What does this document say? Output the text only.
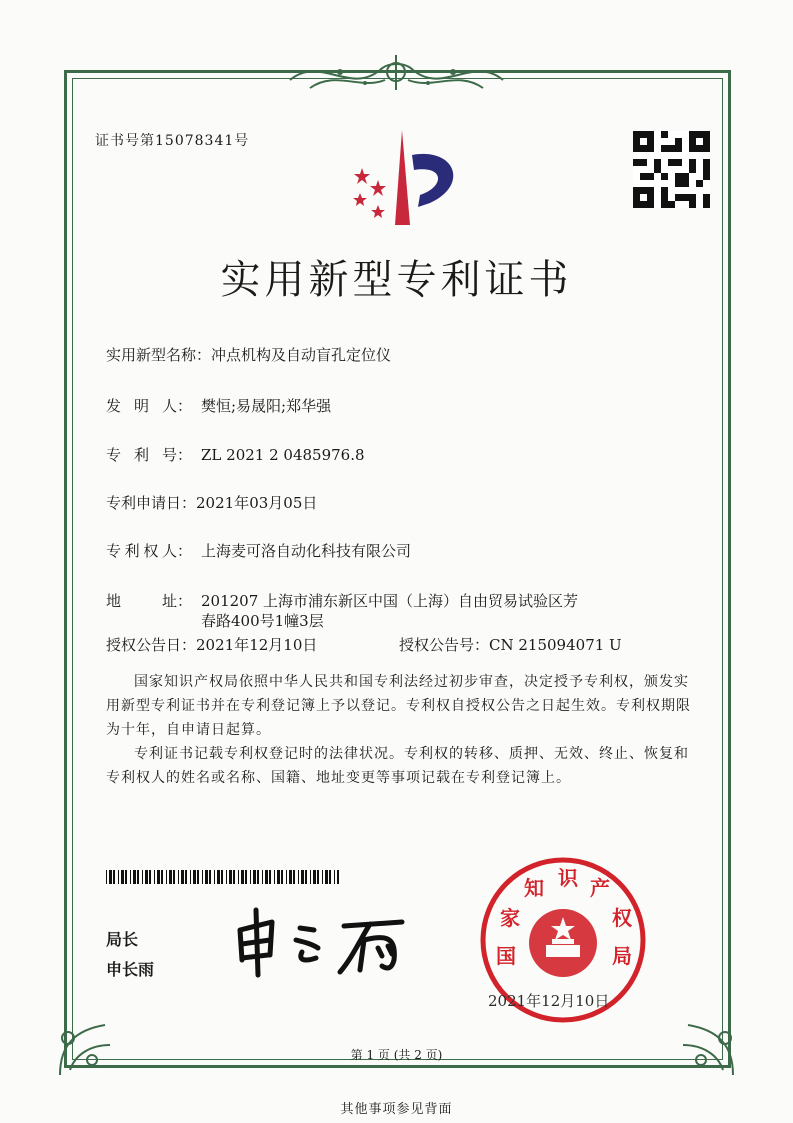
证书号第15078341号
实用新型专利证书
实用新型名称：冲点机构及自动盲孔定位仪
发 明 人： 樊恒;易晟阳;郑华强
专 利 号： ZL 2021 2 0485976.8
专利申请日：2021年03月05日
专 利 权 人： 上海麦可洛自动化科技有限公司
地	址： 201207 上海市浦东新区中国（上海）自由贸易试验区芳
春路400号1幢3层
授权公告日：2021年12月10日	授权公告号：CN 215094071 U

国家知识产权局依照中华人民共和国专利法经过初步审查，决定授予专利权，颁发实用新型专利证书并在专利登记簿上予以登记。专利权自授权公告之日起生效。专利权期限为十年，自申请日起算。

专利证书记载专利权登记时的法律状况。专利权的转移、质押、无效、终止、恢复和专利权人的姓名或名称、国籍、地址变更等事项记载在专利登记簿上。

局长
申长雨
国
家
知 识 产
权
局
2021年12月10日
第 1 页 (共 2 页)
其他事项参见背面
